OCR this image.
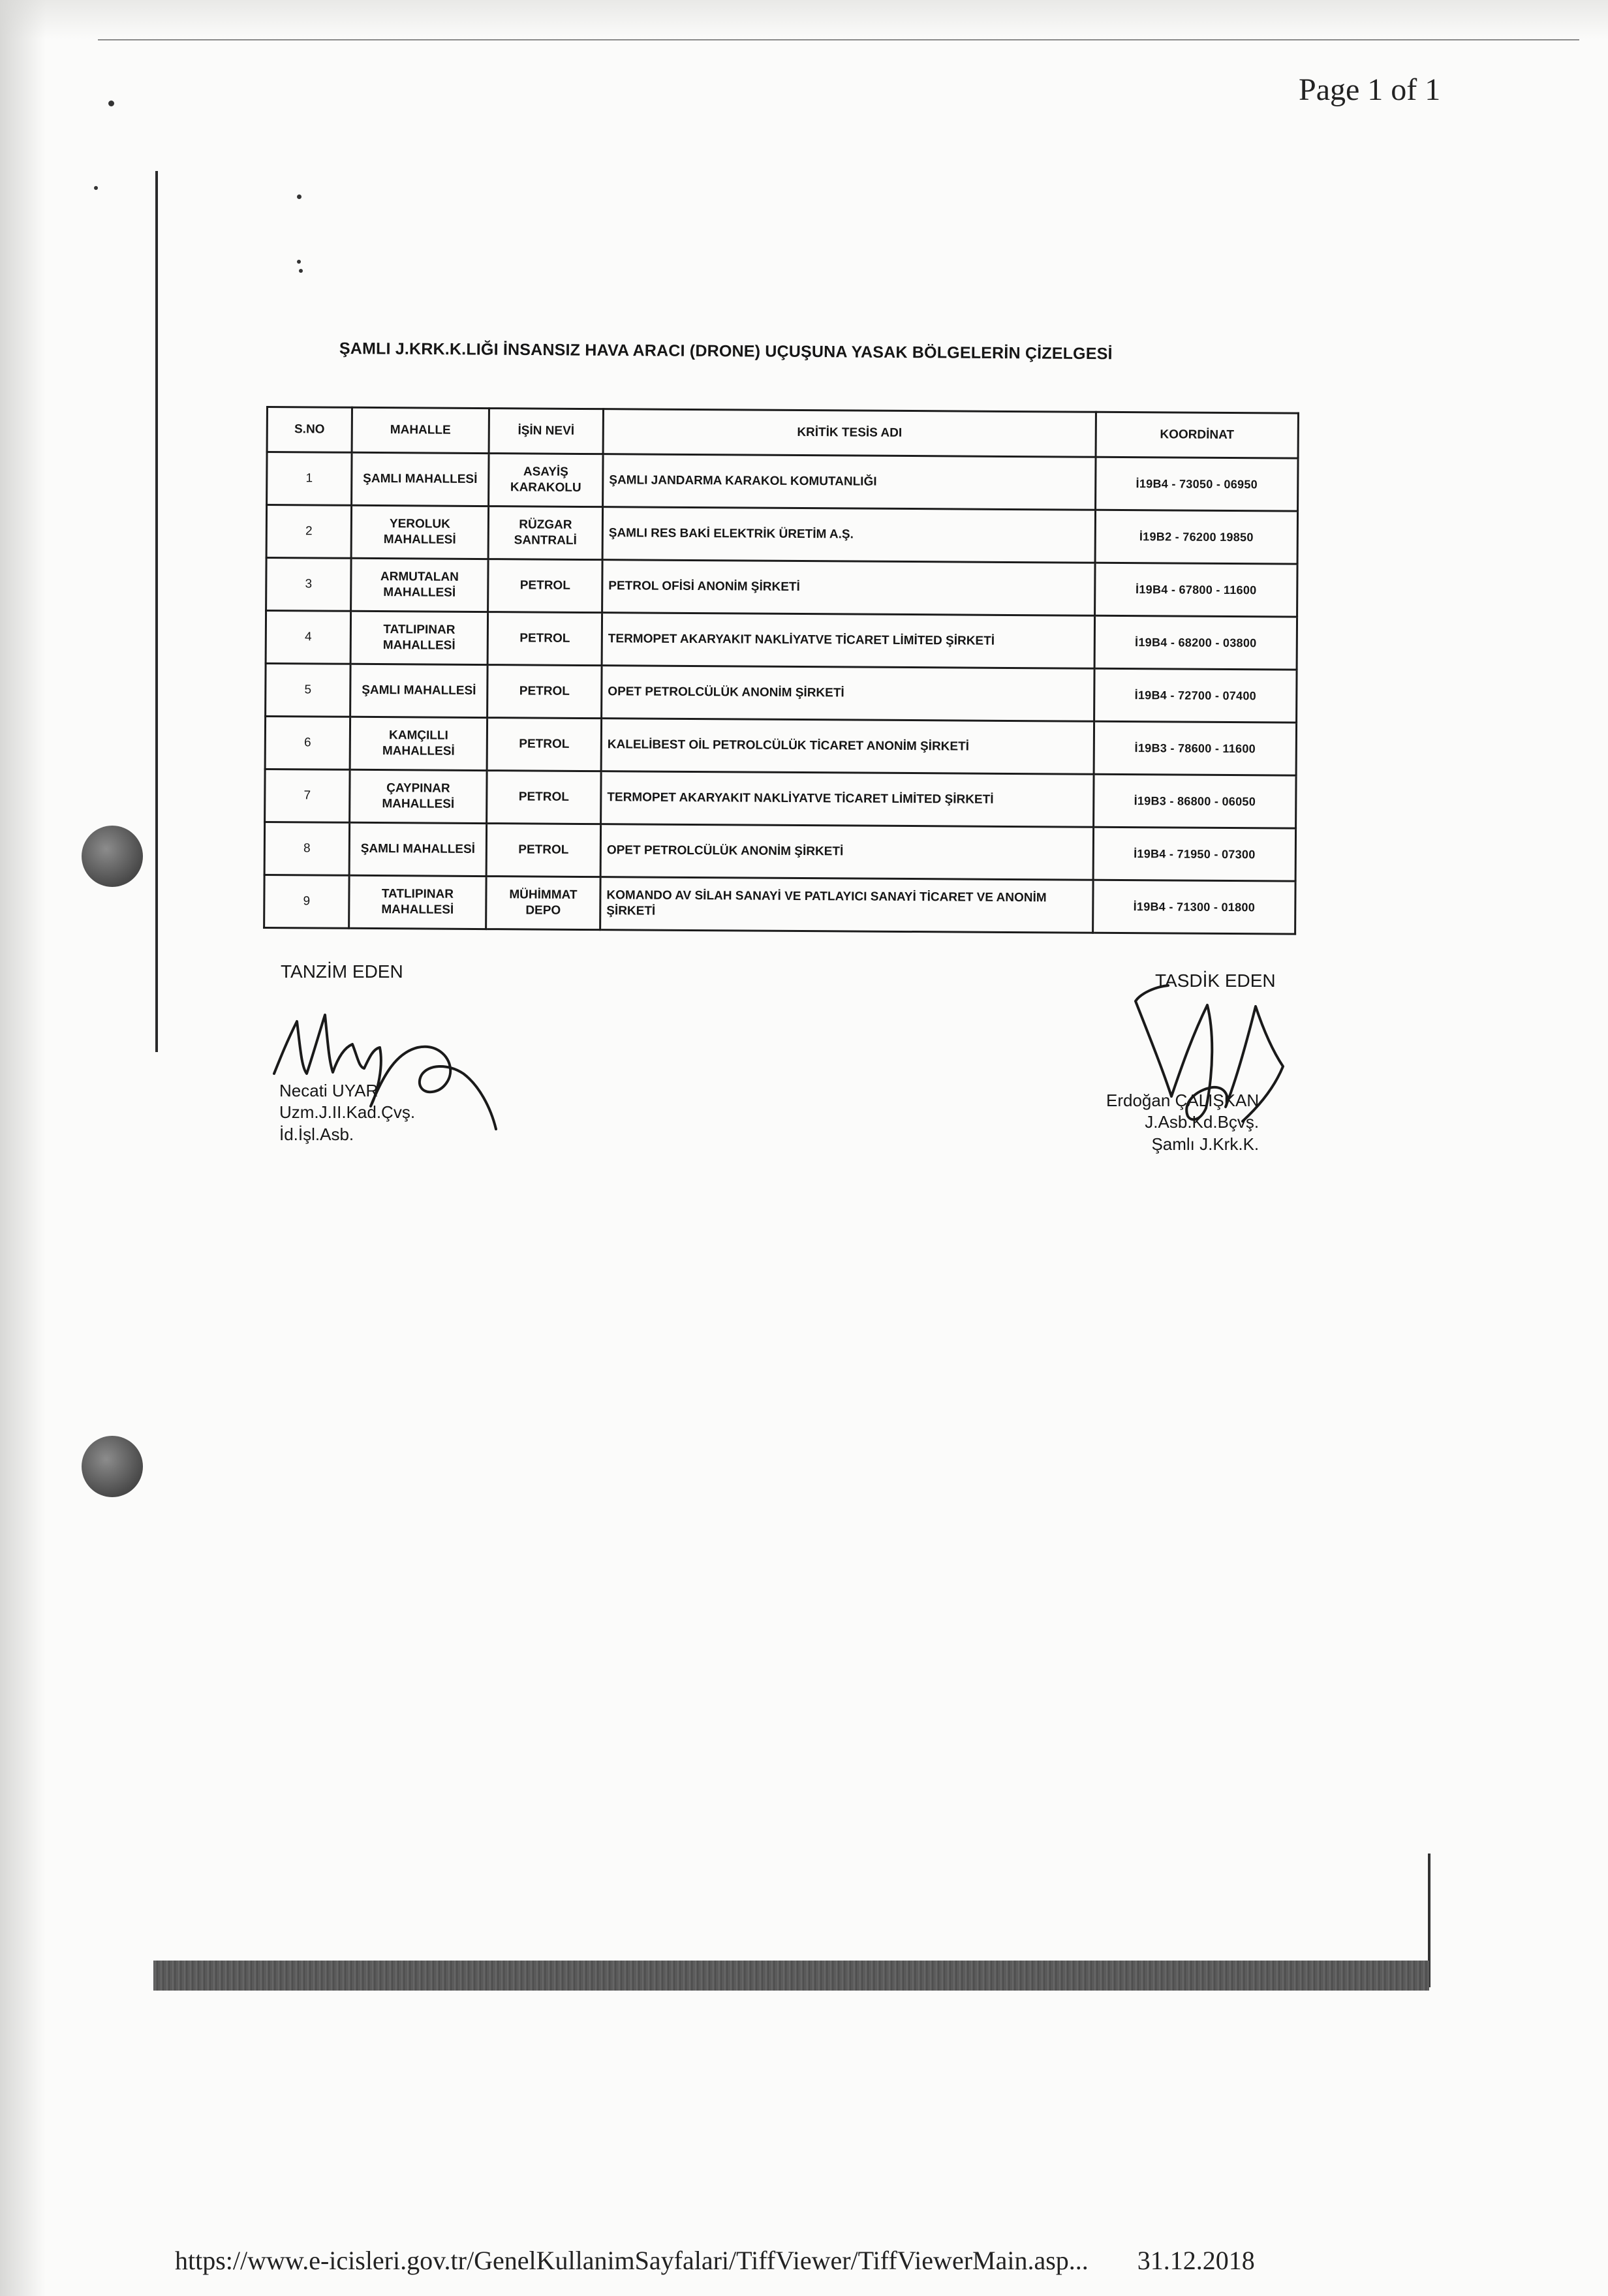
Page 1 of 1
ŞAMLI J.KRK.K.LIĞI İNSANSIZ HAVA ARACI (DRONE) UÇUŞUNA YASAK BÖLGELERİN ÇİZELGESİ
S.NO	MAHALLE	İŞİN NEVİ	KRİTİK TESİS ADI	KOORDİNAT
1	ŞAMLI MAHALLESİ	ASAYİŞ KARAKOLU	ŞAMLI JANDARMA KARAKOL KOMUTANLIĞI	İ19B4 - 73050 - 06950
2	YEROLUK MAHALLESİ	RÜZGAR SANTRALİ	ŞAMLI RES BAKİ ELEKTRİK ÜRETİM A.Ş.	İ19B2 - 76200 19850
3	ARMUTALAN MAHALLESİ	PETROL	PETROL OFİSİ ANONİM ŞİRKETİ	İ19B4 - 67800 - 11600
4	TATLIPINAR MAHALLESİ	PETROL	TERMOPET AKARYAKIT NAKLİYATVE TİCARET LİMİTED ŞİRKETİ	İ19B4 - 68200 - 03800
5	ŞAMLI MAHALLESİ	PETROL	OPET PETROLCÜLÜK ANONİM ŞİRKETİ	İ19B4 - 72700 - 07400
6	KAMÇILLI MAHALLESİ	PETROL	KALELİBEST OİL PETROLCÜLÜK TİCARET ANONİM ŞİRKETİ	İ19B3 - 78600 - 11600
7	ÇAYPINAR MAHALLESİ	PETROL	TERMOPET AKARYAKIT NAKLİYATVE TİCARET LİMİTED ŞİRKETİ	İ19B3 - 86800 - 06050
8	ŞAMLI MAHALLESİ	PETROL	OPET PETROLCÜLÜK ANONİM ŞİRKETİ	İ19B4 - 71950 - 07300
9	TATLIPINAR MAHALLESİ	MÜHİMMAT DEPO	KOMANDO AV SİLAH SANAYİ VE PATLAYICI SANAYİ TİCARET VE ANONİM ŞİRKETİ	İ19B4 - 71300 - 01800
TANZİM EDEN
Necati UYAR
Uzm.J.II.Kad.Çvş.
İd.İşl.Asb.
TASDİK EDEN
Erdoğan ÇALIŞKAN
J.Asb.Kd.Bçvş.
Şamlı J.Krk.K.
https://www.e-icisleri.gov.tr/GenelKullanimSayfalari/TiffViewer/TiffViewerMain.asp... 31.12.2018
